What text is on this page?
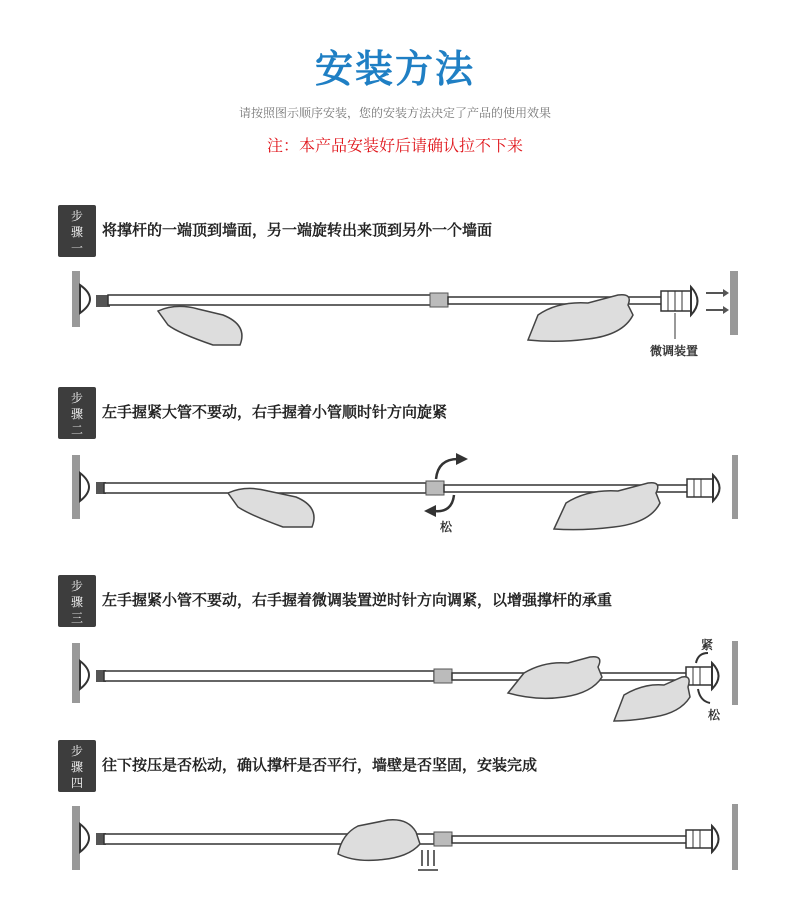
安装方法
请按照图示顺序安装，您的安装方法决定了产品的使用效果
注：本产品安装好后请确认拉不下来
步
骤
一
将撑杆的一端顶到墙面，另一端旋转出来顶到另外一个墙面
微调装置
步
骤
二
左手握紧大管不要动，右手握着小管顺时针方向旋紧
松
步
骤
三
左手握紧小管不要动，右手握着微调装置逆时针方向调紧，以增强撑杆的承重
紧
松
步
骤
四
往下按压是否松动，确认撑杆是否平行，墙壁是否坚固，安装完成
